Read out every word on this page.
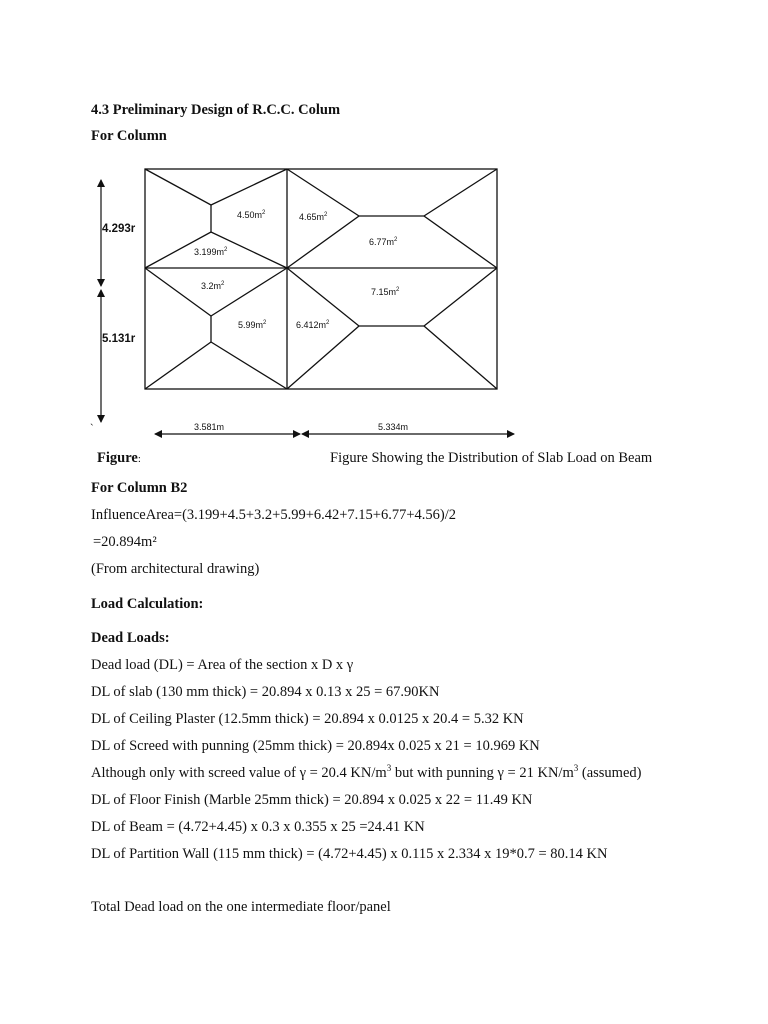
4.3 Preliminary Design of R.C.C. Colum
For Column
4.293r
5.131r
3.581m	5.334m
`
$4.50m^2$	$4.65m^2$
$6.77m^2$
$3.199m^2$
$3.2m^2$
$7.15m^2$
$5.99m^2$	$6.412m^2$
Figure:	Figure Showing the Distribution of Slab Load on Beam
For Column B2
InfluenceArea=(3.199+4.5+3.2+5.99+6.42+7.15+6.77+4.56)/2
=20.894m²
(From architectural drawing)
Load Calculation:
Dead Loads:
Dead load (DL) = Area of the section x D x γ
DL of slab (130 mm thick) = 20.894 x 0.13 x 25 = 67.90KN
DL of Ceiling Plaster (12.5mm thick) = 20.894 x 0.0125 x 20.4 = 5.32 KN
DL of Screed with punning (25mm thick) = 20.894x 0.025 x 21 = 10.969 KN
Although only with screed value of γ = 20.4 $KN/m^3$ but with punning γ = 21 $KN/m^3$ (assumed)
DL of Floor Finish (Marble 25mm thick) = 20.894 x 0.025 x 22 = 11.49 KN
DL of Beam = (4.72+4.45) x 0.3 x 0.355 x 25 =24.41 KN
DL of Partition Wall (115 mm thick) = (4.72+4.45) x 0.115 x 2.334 x 19*0.7 = 80.14 KN
Total Dead load on the one intermediate floor/panel
